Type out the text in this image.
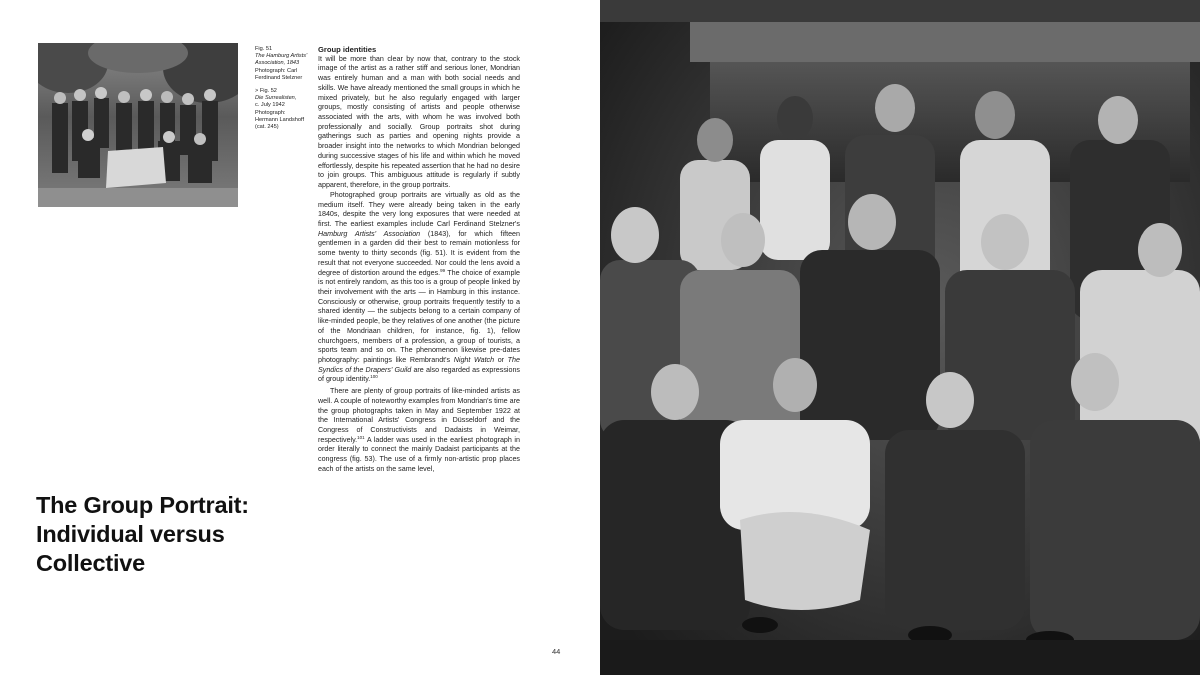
Fig. 51
The Hamburg Artists' Association, 1843
Photograph: Carl Ferdinand Stelzner

> Fig. 52
Die Surrealisten,
c. July 1942
Photograph: Hermann Landshoff
(cat. 245)

Group identities

It will be more than clear by now that, contrary to the stock image of the artist as a rather stiff and serious loner, Mondrian was entirely human and a man with both social needs and skills. We have already mentioned the small groups in which he mixed privately, but he also regularly engaged with larger groups, mostly consisting of artists and people otherwise associated with the arts, with whom he was involved both professionally and socially. Group portraits shot during gatherings such as parties and opening nights provide a broader insight into the networks to which Mondrian belonged during successive stages of his life and within which he moved effortlessly, despite his repeated assertion that he had no desire to join groups. This ambiguous attitude is regularly if subtly apparent, therefore, in the group portraits.

Photographed group portraits are virtually as old as the medium itself. They were already being taken in the early 1840s, despite the very long exposures that were needed at first. The earliest examples include Carl Ferdinand Stelzner's Hamburg Artists' Association (1843), for which fifteen gentlemen in a garden did their best to remain motionless for some twenty to thirty seconds (fig. 51). It is evident from the result that not everyone succeeded. Nor could the lens avoid a degree of distortion around the edges.$^{99}$ The choice of example is not entirely random, as this too is a group of people linked by their involvement with the arts — in Hamburg in this instance. Consciously or otherwise, group portraits frequently testify to a shared identity — the subjects belong to a certain company of like-minded people, be they relatives of one another (the picture of the Mondriaan children, for instance, fig. 1), fellow churchgoers, members of a profession, a group of tourists, a sports team and so on. The phenomenon likewise pre-dates photography: paintings like Rembrandt's Night Watch or The Syndics of the Drapers' Guild are also regarded as expressions of group identity.$^{100}$

There are plenty of group portraits of like-minded artists as well. A couple of noteworthy examples from Mondrian's time are the group photographs taken in May and September 1922 at the International Artists' Congress in Düsseldorf and the Congress of Constructivists and Dadaists in Weimar, respectively.$^{101}$ A ladder was used in the earliest photograph in order literally to connect the mainly Dadaist participants at the congress (fig. 53). The use of a firmly non-artistic prop places each of the artists on the same level,

The Group Portrait: Individual versus Collective
44
